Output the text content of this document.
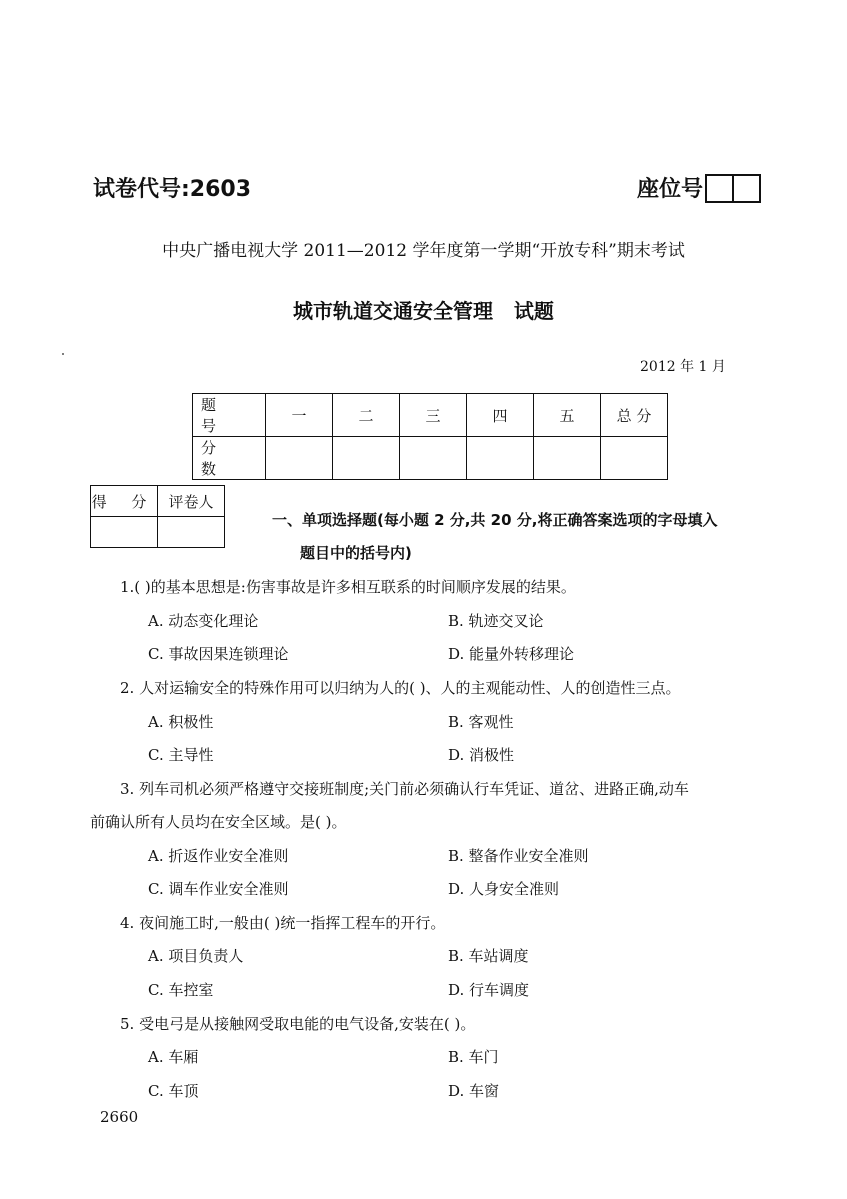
试卷代号:2603	座位号
中央广播电视大学 2011—2012 学年度第一学期“开放专科”期末考试
城市轨道交通安全管理   试题
2012 年 1 月
题 号	一	二	三	四	五	总 分
分 数						
得 分	评卷人

一、单项选择题(每小题 2 分,共 20 分,将正确答案选项的字母填入
题目中的括号内)
1.( )的基本思想是:伤害事故是许多相互联系的时间顺序发展的结果。
A. 动态变化理论	B. 轨迹交叉论
C. 事故因果连锁理论	D. 能量外转移理论
2. 人对运输安全的特殊作用可以归纳为人的( )、人的主观能动性、人的创造性三点。
A. 积极性	B. 客观性
C. 主导性	D. 消极性
3. 列车司机必须严格遵守交接班制度;关门前必须确认行车凭证、道岔、进路正确,动车
前确认所有人员均在安全区域。是( )。
A. 折返作业安全准则	B. 整备作业安全准则
C. 调车作业安全准则	D. 人身安全准则
4. 夜间施工时,一般由( )统一指挥工程车的开行。
A. 项目负责人	B. 车站调度
C. 车控室	D. 行车调度
5. 受电弓是从接触网受取电能的电气设备,安装在( )。
A. 车厢	B. 车门
C. 车顶	D. 车窗
2660
